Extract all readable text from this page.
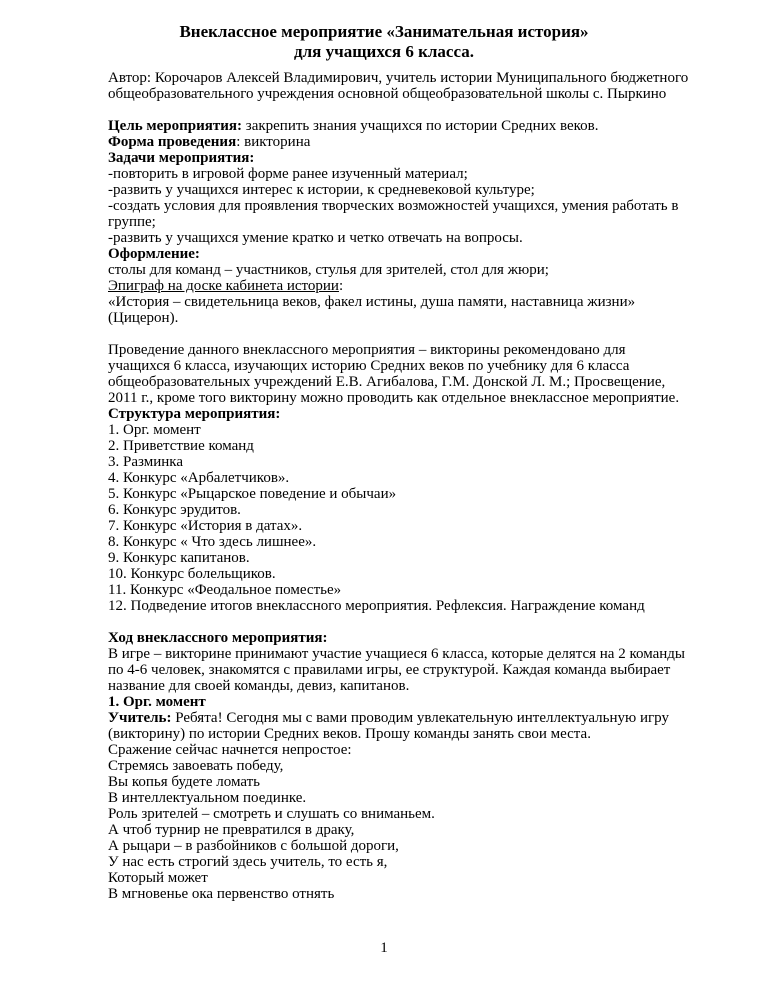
Внеклассное мероприятие «Занимательная история»
для учащихся 6 класса.
Автор: Корочаров Алексей Владимирович, учитель истории Муниципального бюджетного
общеобразовательного учреждения основной общеобразовательной школы с. Пыркино
Цель мероприятия: закрепить знания учащихся по истории Средних веков.
Форма проведения: викторина
Задачи мероприятия:
-повторить в игровой форме ранее изученный материал;
-развить у учащихся интерес к истории, к средневековой культуре;
-создать условия для проявления творческих возможностей учащихся, умения работать в
группе;
-развить у учащихся умение кратко и четко отвечать на вопросы.
Оформление:
столы для команд – участников, стулья для зрителей, стол для жюри;
Эпиграф на доске кабинета истории:
«История – свидетельница веков, факел истины, душа памяти, наставница жизни»
(Цицерон).
Проведение данного внеклассного мероприятия – викторины рекомендовано для
учащихся 6 класса, изучающих историю Средних веков по учебнику для 6 класса
общеобразовательных учреждений Е.В. Агибалова, Г.М. Донской Л. М.; Просвещение,
2011 г., кроме того викторину можно проводить как отдельное внеклассное мероприятие.
Структура мероприятия:
1. Орг. момент
2. Приветствие команд
3. Разминка
4. Конкурс «Арбалетчиков».
5. Конкурс «Рыцарское поведение и обычаи»
6. Конкурс эрудитов.
7. Конкурс «История в датах».
8. Конкурс « Что здесь лишнее».
9. Конкурс капитанов.
10. Конкурс болельщиков.
11. Конкурс «Феодальное поместье»
12. Подведение итогов внеклассного мероприятия. Рефлексия. Награждение команд
Ход внеклассного мероприятия:
В игре – викторине принимают участие учащиеся 6 класса, которые делятся на 2 команды
по 4-6 человек, знакомятся с правилами игры, ее структурой. Каждая команда выбирает
название для своей команды, девиз, капитанов.
1. Орг. момент
Учитель: Ребята! Сегодня мы с вами проводим увлекательную интеллектуальную игру
(викторину) по истории Средних веков. Прошу команды занять свои места.
Сражение сейчас начнется непростое:
Стремясь завоевать победу,
Вы копья будете ломать
В интеллектуальном поединке.
Роль зрителей – смотреть и слушать со вниманьем.
А чтоб турнир не превратился в драку,
А рыцари – в разбойников с большой дороги,
У нас есть строгий здесь учитель, то есть я,
Который может
В мгновенье ока первенство отнять
1
